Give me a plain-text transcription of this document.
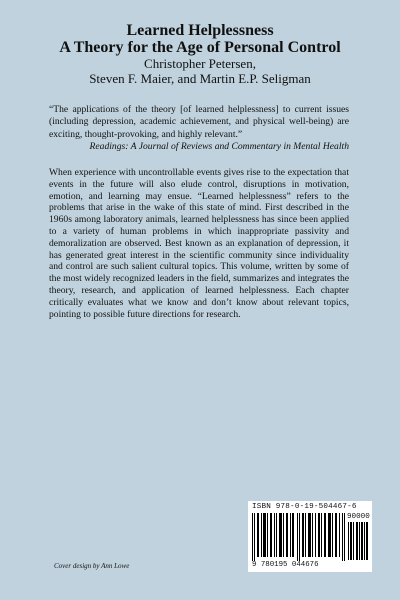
Learned Helplessness
A Theory for the Age of Personal Control
Christopher Petersen,
Steven F. Maier, and Martin E.P. Seligman
“The applications of the theory [of learned helplessness] to current issues (including depression, academic achievement, and physical well-being) are exciting, thought-provoking, and highly relevant.”
Readings: A Journal of Reviews and Commentary in Mental Health
When experience with uncontrollable events gives rise to the expectation that events in the future will also elude control, disruptions in motivation, emotion, and learning may ensue. “Learned helplessness” refers to the problems that arise in the wake of this state of mind. First described in the 1960s among laboratory animals, learned helplessness has since been applied to a variety of human problems in which inappropriate passivity and demoralization are observed. Best known as an explanation of depression, it has generated great interest in the scientific community since individuality and control are such salient cultural topics. This volume, written by some of the most widely recognized leaders in the field, summarizes and integrates the theory, research, and application of learned helplessness. Each chapter critically evaluates what we know and don’t know about relevant topics, pointing to possible future directions for research.
ISBN 978-0-19-504467-6
90000
9 780195 044676
Cover design by Ann Lowe
